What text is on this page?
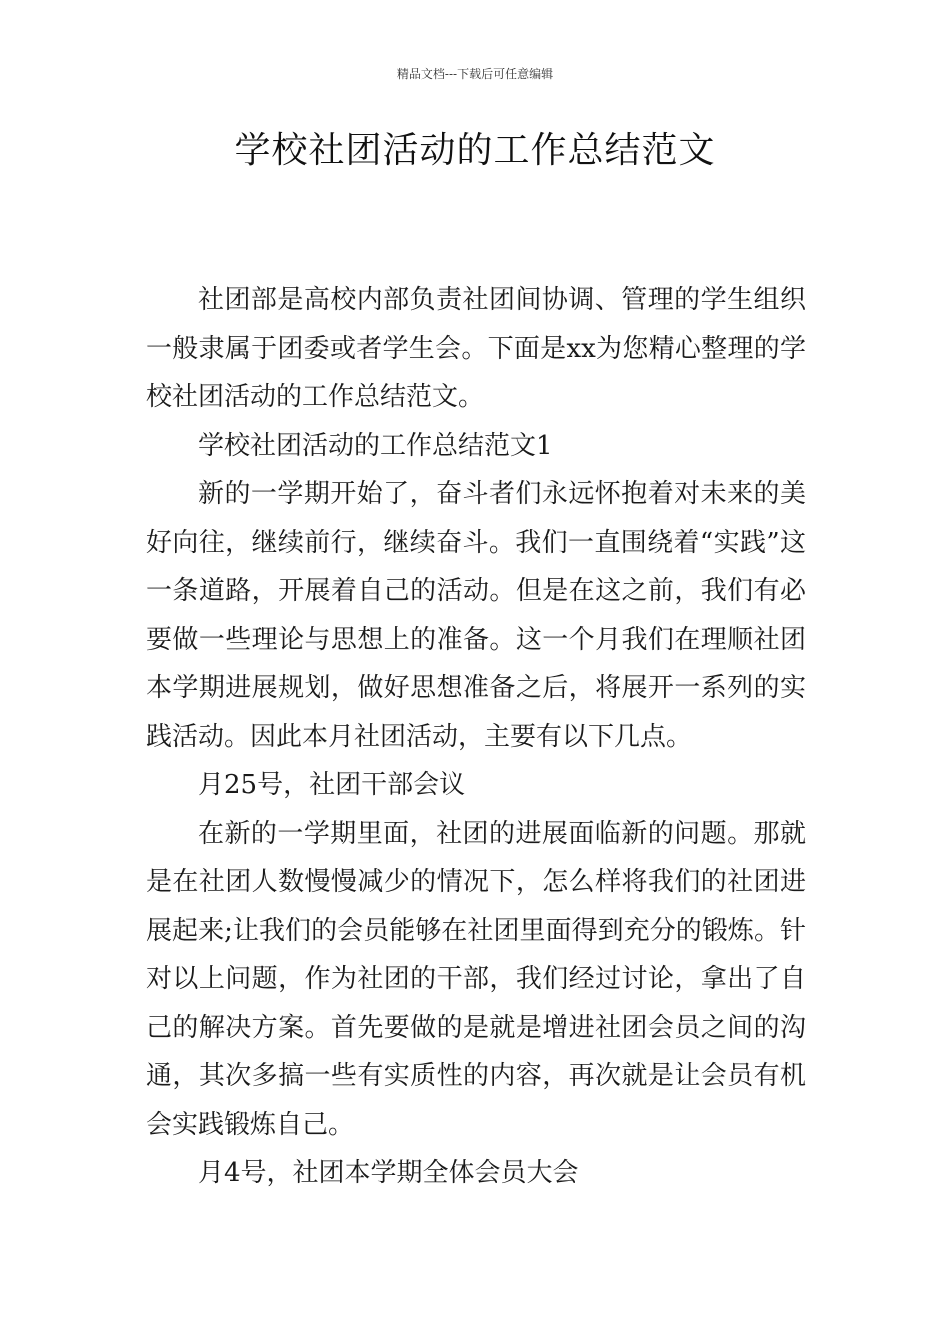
精品文档---下载后可任意编辑
学校社团活动的工作总结范文

社团部是高校内部负责社团间协调、管理的学生组织一般隶属于团委或者学生会。下面是xx为您精心整理的学校社团活动的工作总结范文。

学校社团活动的工作总结范文1

新的一学期开始了，奋斗者们永远怀抱着对未来的美好向往，继续前行，继续奋斗。我们一直围绕着“实践”这一条道路，开展着自己的活动。但是在这之前，我们有必要做一些理论与思想上的准备。这一个月我们在理顺社团本学期进展规划，做好思想准备之后，将展开一系列的实践活动。因此本月社团活动，主要有以下几点。

月25号，社团干部会议

在新的一学期里面，社团的进展面临新的问题。那就是在社团人数慢慢减少的情况下，怎么样将我们的社团进展起来;让我们的会员能够在社团里面得到充分的锻炼。针对以上问题，作为社团的干部，我们经过讨论，拿出了自己的解决方案。首先要做的是就是增进社团会员之间的沟通，其次多搞一些有实质性的内容，再次就是让会员有机会实践锻炼自己。

月4号，社团本学期全体会员大会
